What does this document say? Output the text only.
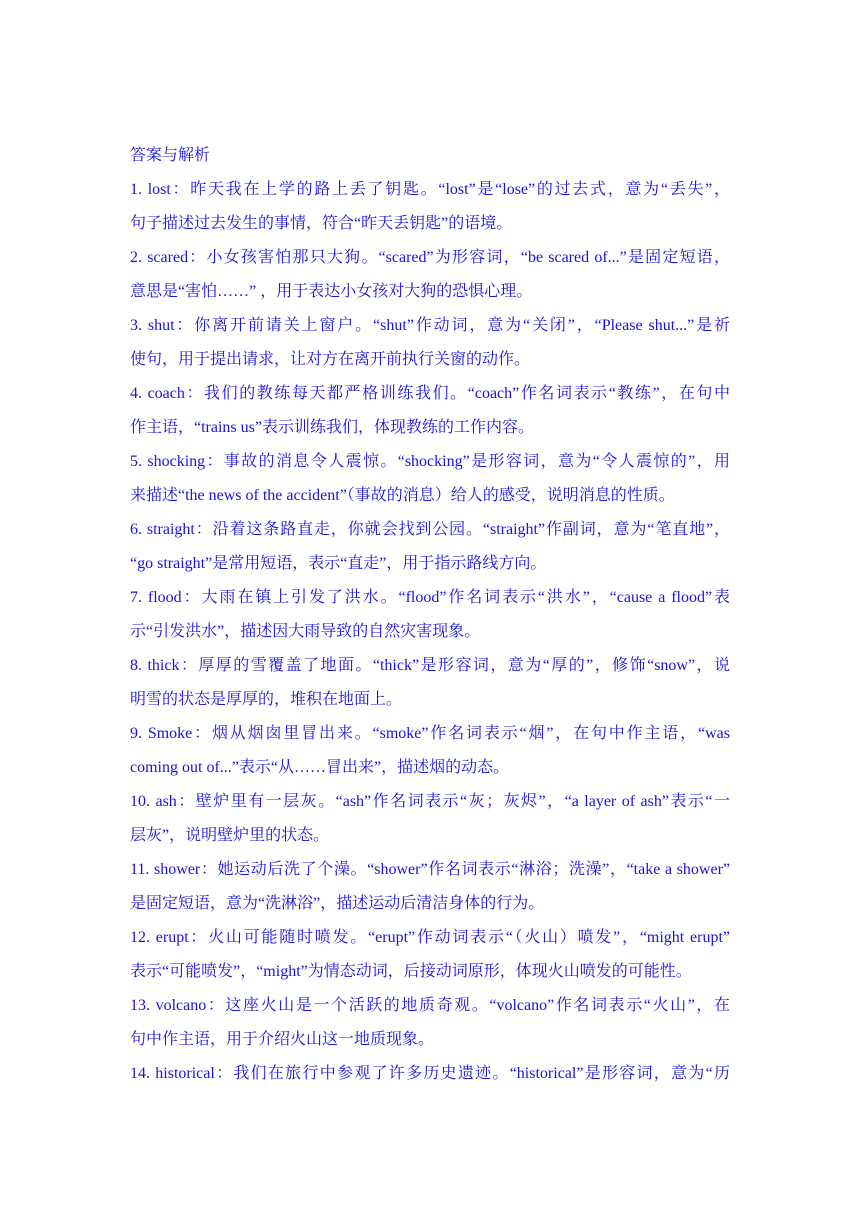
答案与解析
1. lost：昨天我在上学的路上丢了钥匙。“lost”是“lose”的过去式，意为“丢失”，
句子描述过去发生的事情，符合“昨天丢钥匙”的语境。
2. scared：小女孩害怕那只大狗。“scared”为形容词，“be scared of...”是固定短语，
意思是“害怕……” ，用于表达小女孩对大狗的恐惧心理。
3. shut：你离开前请关上窗户。“shut”作动词，意为“关闭”，“Please shut...”是祈
使句，用于提出请求，让对方在离开前执行关窗的动作。
4. coach：我们的教练每天都严格训练我们。“coach”作名词表示“教练”，在句中
作主语，“trains us”表示训练我们，体现教练的工作内容。
5. shocking：事故的消息令人震惊。“shocking”是形容词，意为“令人震惊的”，用
来描述“the news of the accident”（事故的消息）给人的感受，说明消息的性质。
6. straight：沿着这条路直走，你就会找到公园。“straight”作副词，意为“笔直地”，
“go straight”是常用短语，表示“直走”，用于指示路线方向。
7. flood：大雨在镇上引发了洪水。“flood”作名词表示“洪水”，“cause a flood”表
示“引发洪水”，描述因大雨导致的自然灾害现象。
8. thick：厚厚的雪覆盖了地面。“thick”是形容词，意为“厚的”，修饰“snow”，说
明雪的状态是厚厚的，堆积在地面上。
9. Smoke：烟从烟囱里冒出来。“smoke”作名词表示“烟”，在句中作主语，“was
coming out of...”表示“从……冒出来”，描述烟的动态。
10. ash：壁炉里有一层灰。“ash”作名词表示“灰；灰烬”，“a layer of ash”表示“一
层灰”，说明壁炉里的状态。
11. shower：她运动后洗了个澡。“shower”作名词表示“淋浴；洗澡”，“take a shower”
是固定短语，意为“洗淋浴”，描述运动后清洁身体的行为。
12. erupt：火山可能随时喷发。“erupt”作动词表示“（火山）喷发”，“might erupt”
表示“可能喷发”，“might”为情态动词，后接动词原形，体现火山喷发的可能性。
13. volcano：这座火山是一个活跃的地质奇观。“volcano”作名词表示“火山”，在
句中作主语，用于介绍火山这一地质现象。
14. historical：我们在旅行中参观了许多历史遗迹。“historical”是形容词，意为“历
